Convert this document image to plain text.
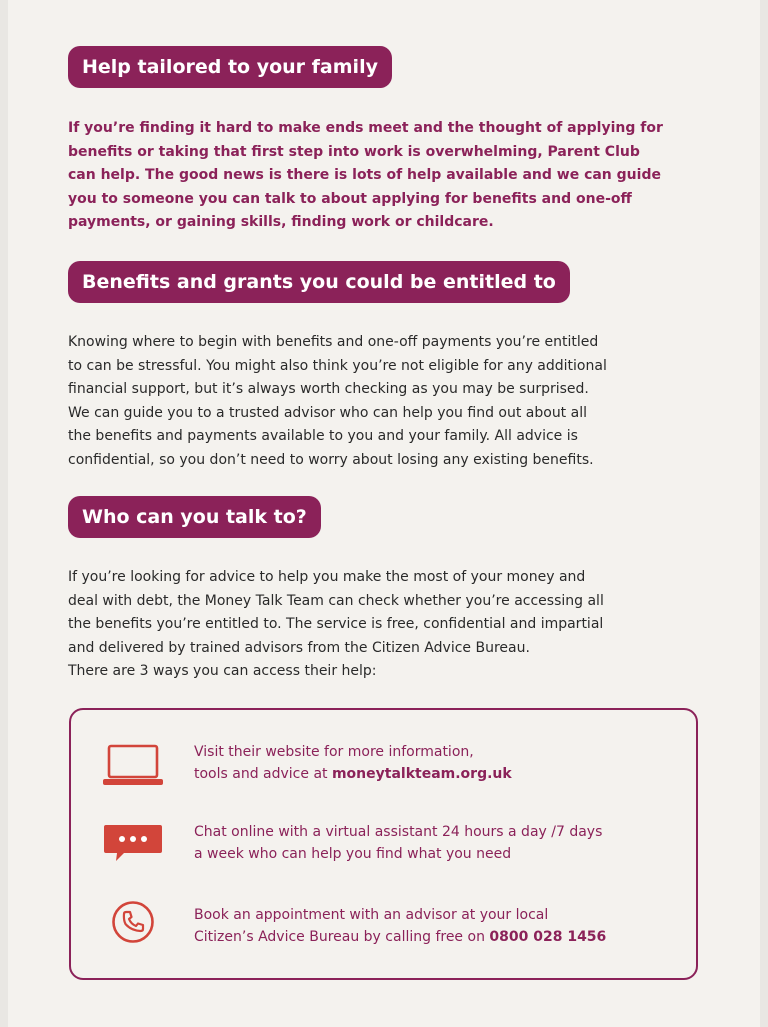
Help tailored to your family

If you’re finding it hard to make ends meet and the thought of applying for
benefits or taking that first step into work is overwhelming, Parent Club
can help. The good news is there is lots of help available and we can guide
you to someone you can talk to about applying for benefits and one-off
payments, or gaining skills, finding work or childcare.

Benefits and grants you could be entitled to

Knowing where to begin with benefits and one-off payments you’re entitled
to can be stressful. You might also think you’re not eligible for any additional
financial support, but it’s always worth checking as you may be surprised.
We can guide you to a trusted advisor who can help you find out about all
the benefits and payments available to you and your family. All advice is
confidential, so you don’t need to worry about losing any existing benefits.

Who can you talk to?

If you’re looking for advice to help you make the most of your money and
deal with debt, the Money Talk Team can check whether you’re accessing all
the benefits you’re entitled to. The service is free, confidential and impartial
and delivered by trained advisors from the Citizen Advice Bureau.
There are 3 ways you can access their help:

Visit their website for more information,
tools and advice at moneytalkteam.org.uk

Chat online with a virtual assistant 24 hours a day /7 days
a week who can help you find what you need

Book an appointment with an advisor at your local
Citizen’s Advice Bureau by calling free on 0800 028 1456
